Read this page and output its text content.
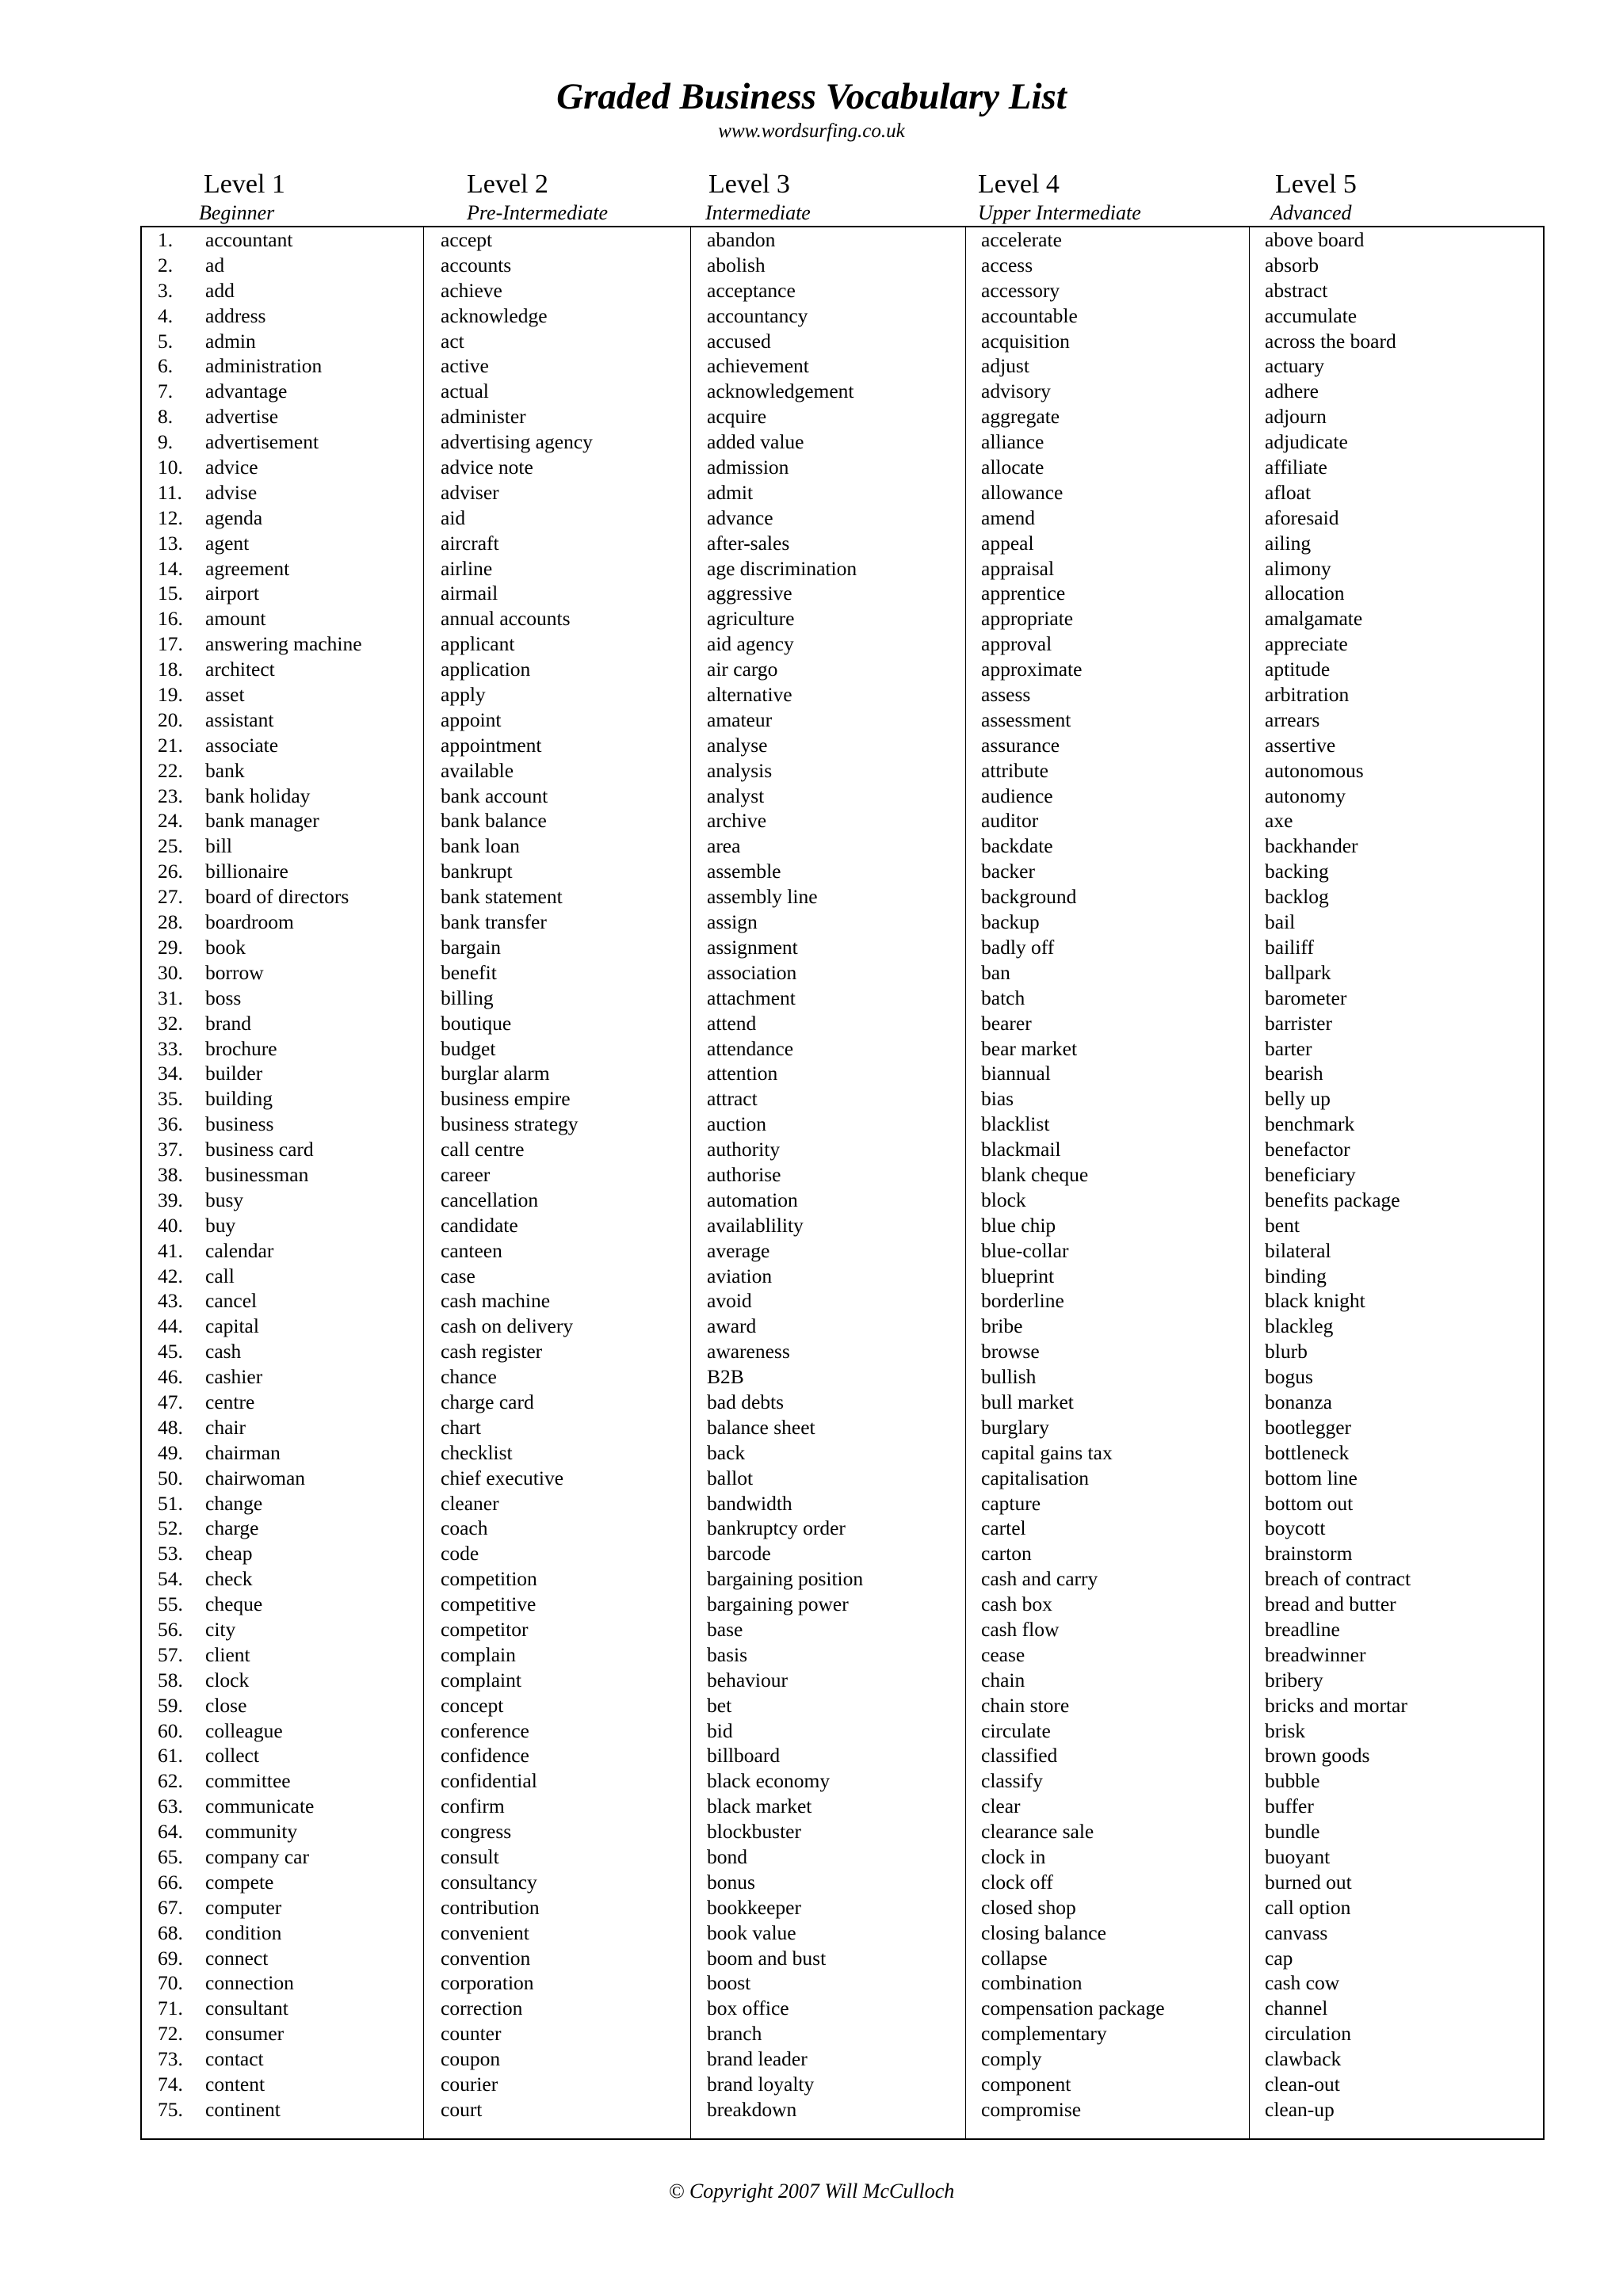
Graded Business Vocabulary List
www.wordsurfing.co.uk
Level 1
Beginner
Level 2
Pre-Intermediate
Level 3
Intermediate
Level 4
Upper Intermediate
Level 5
Advanced
1. accountant	accept	abandon	accelerate	above board
2. ad	accounts	abolish	access	absorb
3. add	achieve	acceptance	accessory	abstract
4. address	acknowledge	accountancy	accountable	accumulate
5. admin	act	accused	acquisition	across the board
6. administration	active	achievement	adjust	actuary
7. advantage	actual	acknowledgement	advisory	adhere
8. advertise	administer	acquire	aggregate	adjourn
9. advertisement	advertising agency	added value	alliance	adjudicate
10. advice	advice note	admission	allocate	affiliate
11. advise	adviser	admit	allowance	afloat
12. agenda	aid	advance	amend	aforesaid
13. agent	aircraft	after-sales	appeal	ailing
14. agreement	airline	age discrimination	appraisal	alimony
15. airport	airmail	aggressive	apprentice	allocation
16. amount	annual accounts	agriculture	appropriate	amalgamate
17. answering machine	applicant	aid agency	approval	appreciate
18. architect	application	air cargo	approximate	aptitude
19. asset	apply	alternative	assess	arbitration
20. assistant	appoint	amateur	assessment	arrears
21. associate	appointment	analyse	assurance	assertive
22. bank	available	analysis	attribute	autonomous
23. bank holiday	bank account	analyst	audience	autonomy
24. bank manager	bank balance	archive	auditor	axe
25. bill	bank loan	area	backdate	backhander
26. billionaire	bankrupt	assemble	backer	backing
27. board of directors	bank statement	assembly line	background	backlog
28. boardroom	bank transfer	assign	backup	bail
29. book	bargain	assignment	badly off	bailiff
30. borrow	benefit	association	ban	ballpark
31. boss	billing	attachment	batch	barometer
32. brand	boutique	attend	bearer	barrister
33. brochure	budget	attendance	bear market	barter
34. builder	burglar alarm	attention	biannual	bearish
35. building	business empire	attract	bias	belly up
36. business	business strategy	auction	blacklist	benchmark
37. business card	call centre	authority	blackmail	benefactor
38. businessman	career	authorise	blank cheque	beneficiary
39. busy	cancellation	automation	block	benefits package
40. buy	candidate	availablility	blue chip	bent
41. calendar	canteen	average	blue-collar	bilateral
42. call	case	aviation	blueprint	binding
43. cancel	cash machine	avoid	borderline	black knight
44. capital	cash on delivery	award	bribe	blackleg
45. cash	cash register	awareness	browse	blurb
46. cashier	chance	B2B	bullish	bogus
47. centre	charge card	bad debts	bull market	bonanza
48. chair	chart	balance sheet	burglary	bootlegger
49. chairman	checklist	back	capital gains tax	bottleneck
50. chairwoman	chief executive	ballot	capitalisation	bottom line
51. change	cleaner	bandwidth	capture	bottom out
52. charge	coach	bankruptcy order	cartel	boycott
53. cheap	code	barcode	carton	brainstorm
54. check	competition	bargaining position	cash and carry	breach of contract
55. cheque	competitive	bargaining power	cash box	bread and butter
56. city	competitor	base	cash flow	breadline
57. client	complain	basis	cease	breadwinner
58. clock	complaint	behaviour	chain	bribery
59. close	concept	bet	chain store	bricks and mortar
60. colleague	conference	bid	circulate	brisk
61. collect	confidence	billboard	classified	brown goods
62. committee	confidential	black economy	classify	bubble
63. communicate	confirm	black market	clear	buffer
64. community	congress	blockbuster	clearance sale	bundle
65. company car	consult	bond	clock in	buoyant
66. compete	consultancy	bonus	clock off	burned out
67. computer	contribution	bookkeeper	closed shop	call option
68. condition	convenient	book value	closing balance	canvass
69. connect	convention	boom and bust	collapse	cap
70. connection	corporation	boost	combination	cash cow
71. consultant	correction	box office	compensation package	channel
72. consumer	counter	branch	complementary	circulation
73. contact	coupon	brand leader	comply	clawback
74. content	courier	brand loyalty	component	clean-out
75. continent	court	breakdown	compromise	clean-up
© Copyright 2007 Will McCulloch
